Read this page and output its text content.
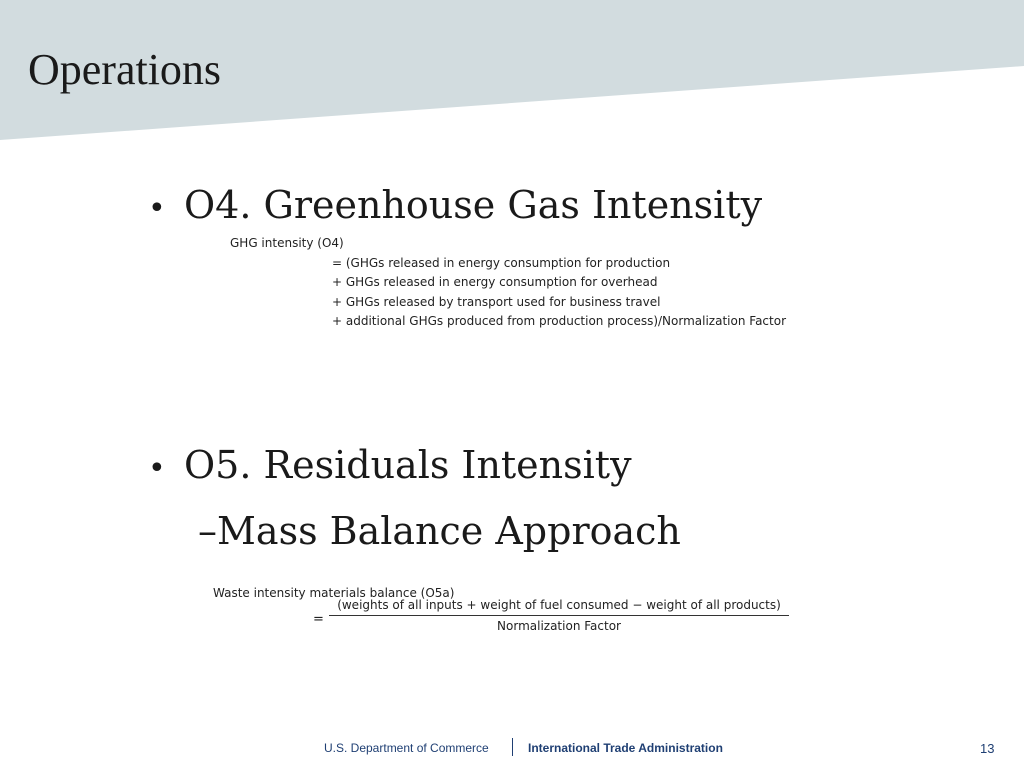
Operations
• O4. Greenhouse Gas Intensity
GHG intensity (O4)
= (GHGs released in energy consumption for production
+ GHGs released in energy consumption for overhead
+ GHGs released by transport used for business travel
+ additional GHGs produced from production process)/Normalization Factor
• O5. Residuals Intensity
–Mass Balance Approach
Waste intensity materials balance (O5a)
=
(weights of all inputs + weight of fuel consumed − weight of all products)
Normalization Factor
U.S. Department of Commerce	International Trade Administration	13
